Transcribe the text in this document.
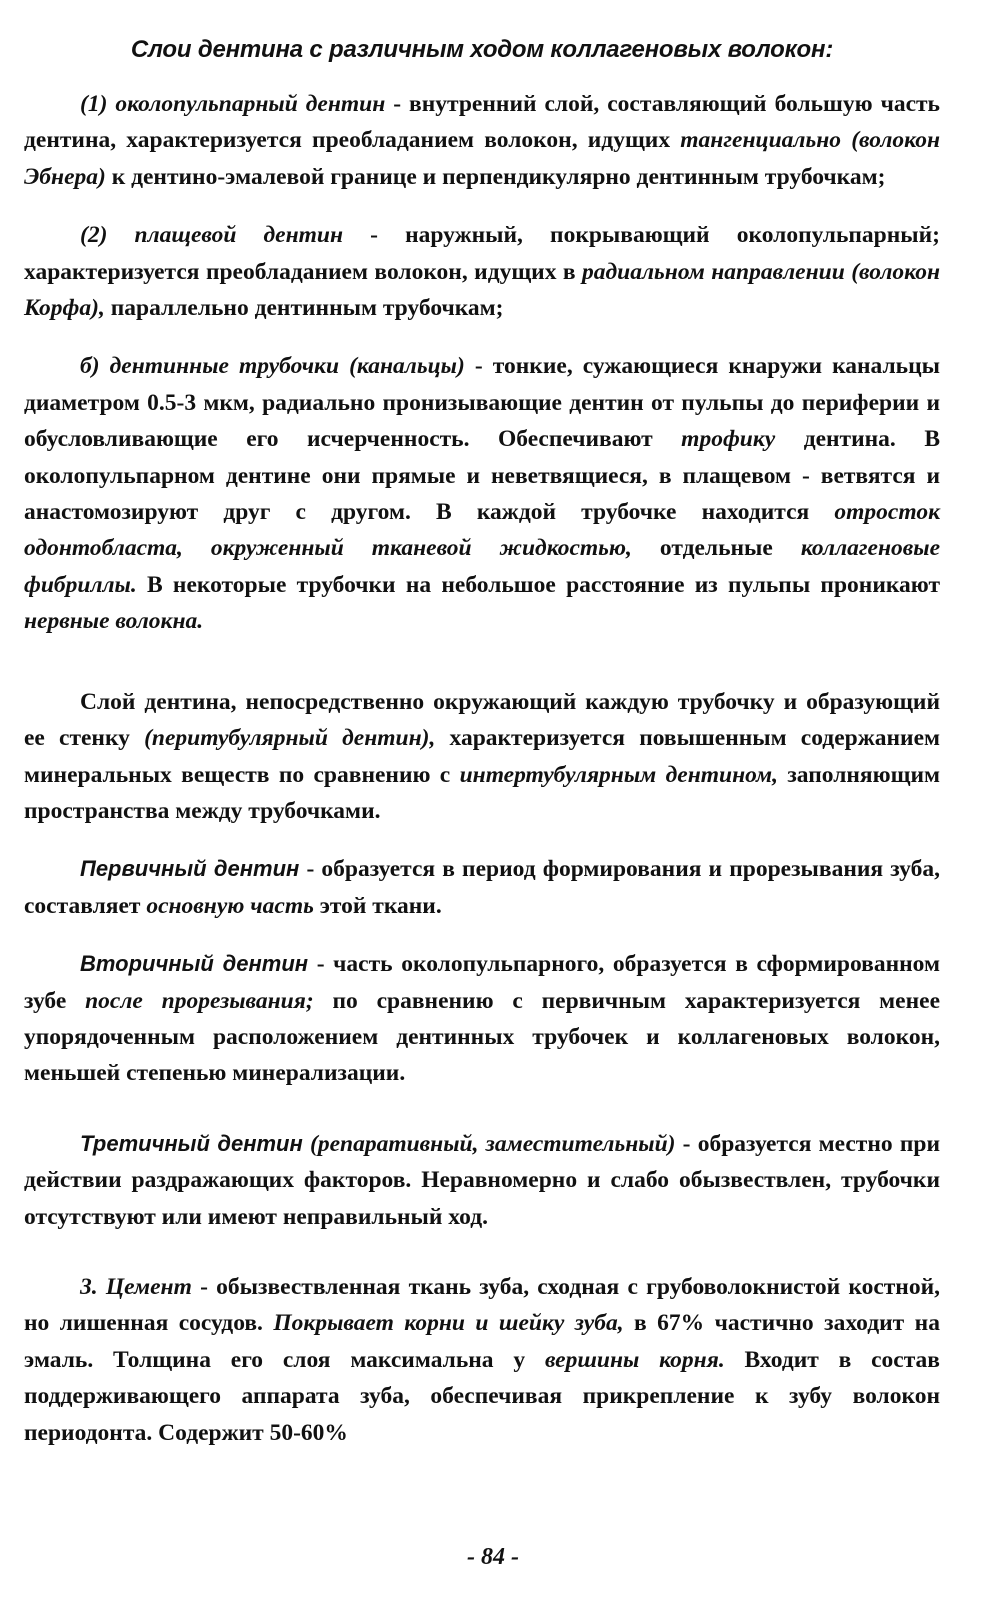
Слои дентина с различным ходом коллагеновых волокон:

(1) околопульпарный дентин - внутренний слой, составляющий большую часть дентина, характеризуется преобладанием волокон, идущих тангенциально (волокон Эбнера) к дентино-эмалевой границе и перпендикулярно дентинным трубочкам;

(2) плащевой дентин - наружный, покрывающий околопульпарный; характеризуется преобладанием волокон, идущих в радиальном направлении (волокон Корфа), параллельно дентинным трубочкам;

б) дентинные трубочки (канальцы) - тонкие, сужающиеся кнаружи канальцы диаметром 0.5-3 мкм, радиально пронизывающие дентин от пульпы до периферии и обусловливающие его исчерченность. Обеспечивают трофику дентина. В околопульпарном дентине они прямые и неветвящиеся, в плащевом - ветвятся и анастомозируют друг с другом. В каждой трубочке находится отросток одонтобласта, окруженный тканевой жидкостью, отдельные коллагеновые фибриллы. В некоторые трубочки на небольшое расстояние из пульпы проникают нервные волокна.

Слой дентина, непосредственно окружающий каждую трубочку и образующий ее стенку (перитубулярный дентин), характеризуется повышенным содержанием минеральных веществ по сравнению с интертубулярным дентином, заполняющим пространства между трубочками.

Первичный дентин - образуется в период формирования и прорезывания зуба, составляет основную часть этой ткани.

Вторичный дентин - часть околопульпарного, образуется в сформированном зубе после прорезывания; по сравнению с первичным характеризуется менее упорядоченным расположением дентинных трубочек и коллагеновых волокон, меньшей степенью минерализации.

Третичный дентин (репаративный, заместительный) - образуется местно при действии раздражающих факторов. Неравномерно и слабо обызвествлен, трубочки отсутствуют или имеют неправильный ход.

3. Цемент - обызвествленная ткань зуба, сходная с грубоволокнистой костной, но лишенная сосудов. Покрывает корни и шейку зуба, в 67% частично заходит на эмаль. Толщина его слоя максимальна у вершины корня. Входит в состав поддерживающего аппарата зуба, обеспечивая прикрепление к зубу волокон периодонта. Содержит 50-60%

- 84 -
